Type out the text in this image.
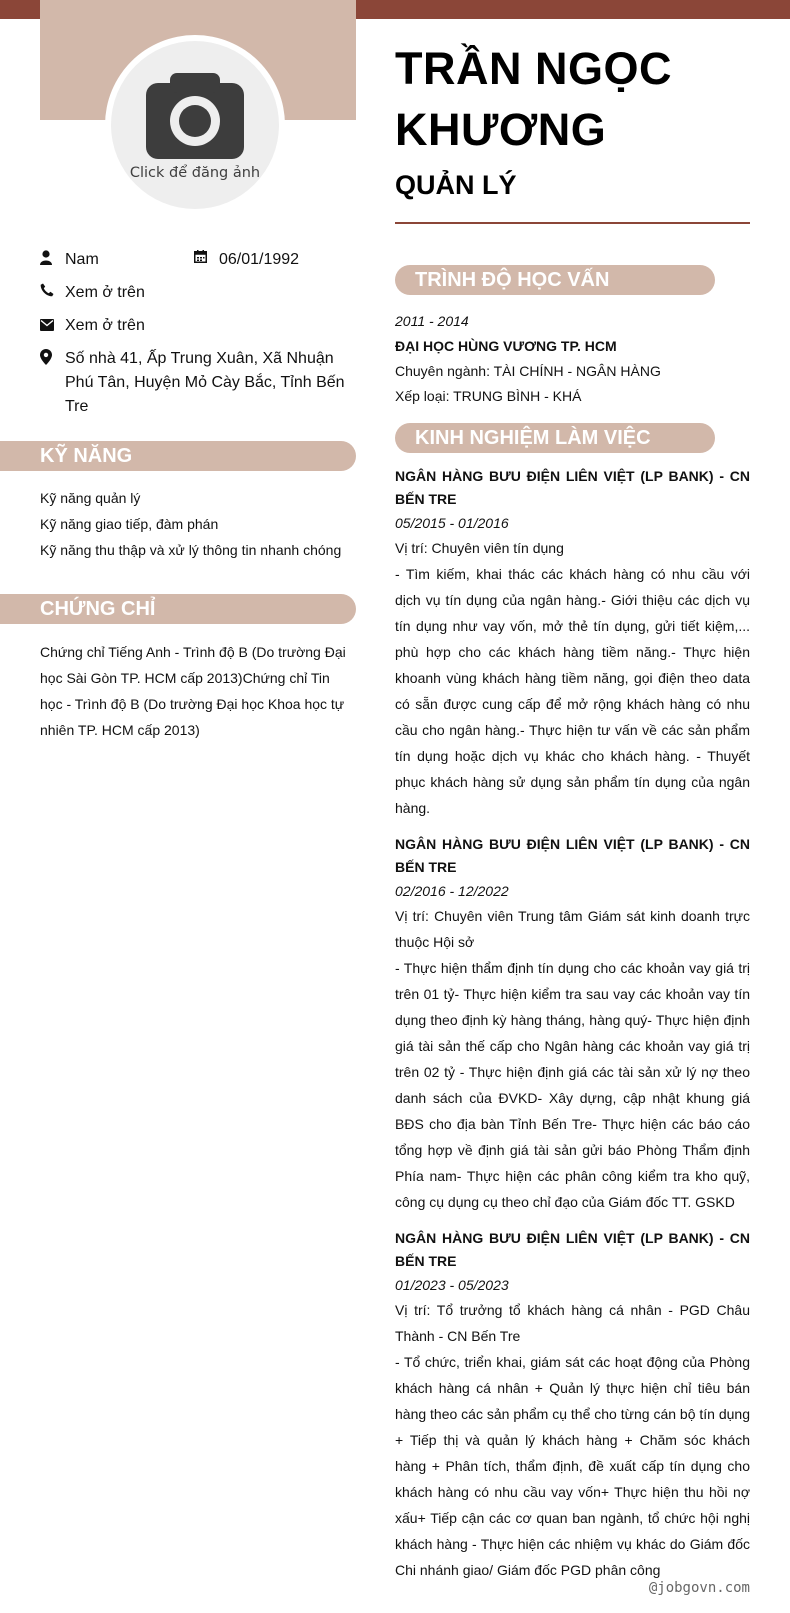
Click để đăng ảnh
TRẦN NGỌC
KHƯƠNG
QUẢN LÝ
Nam	06/01/1992
Xem ở trên
Xem ở trên
Số nhà 41, Ấp Trung Xuân, Xã Nhuận Phú Tân, Huyện Mỏ Cày Bắc, Tỉnh Bến Tre
KỸ NĂNG
Kỹ năng quản lý
Kỹ năng giao tiếp, đàm phán
Kỹ năng thu thập và xử lý thông tin nhanh chóng
CHỨNG CHỈ
Chứng chỉ Tiếng Anh - Trình độ B (Do trường Đại học Sài Gòn TP. HCM cấp 2013)Chứng chỉ Tin học - Trình độ B (Do trường Đại học Khoa học tự nhiên TP. HCM cấp 2013)
TRÌNH ĐỘ HỌC VẤN
2011 - 2014
ĐẠI HỌC HÙNG VƯƠNG TP. HCM
Chuyên ngành: TÀI CHÍNH - NGÂN HÀNG
Xếp loại: TRUNG BÌNH - KHÁ
KINH NGHIỆM LÀM VIỆC
NGÂN HÀNG BƯU ĐIỆN LIÊN VIỆT (LP BANK) - CN BẾN TRE
05/2015 - 01/2016
Vị trí: Chuyên viên tín dụng
- Tìm kiếm, khai thác các khách hàng có nhu cầu với dịch vụ tín dụng của ngân hàng.- Giới thiệu các dịch vụ tín dụng như vay vốn, mở thẻ tín dụng, gửi tiết kiệm,... phù hợp cho các khách hàng tiềm năng.- Thực hiện khoanh vùng khách hàng tiềm năng, gọi điện theo data có sẵn được cung cấp để mở rộng khách hàng có nhu cầu cho ngân hàng.- Thực hiện tư vấn về các sản phẩm tín dụng hoặc dịch vụ khác cho khách hàng. - Thuyết phục khách hàng sử dụng sản phẩm tín dụng của ngân hàng.
NGÂN HÀNG BƯU ĐIỆN LIÊN VIỆT (LP BANK) - CN BẾN TRE
02/2016 - 12/2022
Vị trí: Chuyên viên Trung tâm Giám sát kinh doanh trực thuộc Hội sở
- Thực hiện thẩm định tín dụng cho các khoản vay giá trị trên 01 tỷ- Thực hiện kiểm tra sau vay các khoản vay tín dụng theo định kỳ hàng tháng, hàng quý- Thực hiện định giá tài sản thế cấp cho Ngân hàng các khoản vay giá trị trên 02 tỷ - Thực hiện định giá các tài sản xử lý nợ theo danh sách của ĐVKD- Xây dựng, cập nhật khung giá BĐS cho địa bàn Tỉnh Bến Tre- Thực hiện các báo cáo tổng hợp về định giá tài sản gửi báo Phòng Thẩm định Phía nam- Thực hiện các phân công kiểm tra kho quỹ, công cụ dụng cụ theo chỉ đạo của Giám đốc TT. GSKD
NGÂN HÀNG BƯU ĐIỆN LIÊN VIỆT (LP BANK) - CN BẾN TRE
01/2023 - 05/2023
Vị trí: Tổ trưởng tổ khách hàng cá nhân - PGD Châu Thành - CN Bến Tre
- Tổ chức, triển khai, giám sát các hoạt động của Phòng khách hàng cá nhân + Quản lý thực hiện chỉ tiêu bán hàng theo các sản phẩm cụ thể cho từng cán bộ tín dụng + Tiếp thị và quản lý khách hàng + Chăm sóc khách hàng + Phân tích, thẩm định, đề xuất cấp tín dụng cho khách hàng có nhu cầu vay vốn+ Thực hiện thu hồi nợ xấu+ Tiếp cận các cơ quan ban ngành, tổ chức hội nghị khách hàng - Thực hiện các nhiệm vụ khác do Giám đốc Chi nhánh giao/ Giám đốc PGD phân công
@jobgovn.com
